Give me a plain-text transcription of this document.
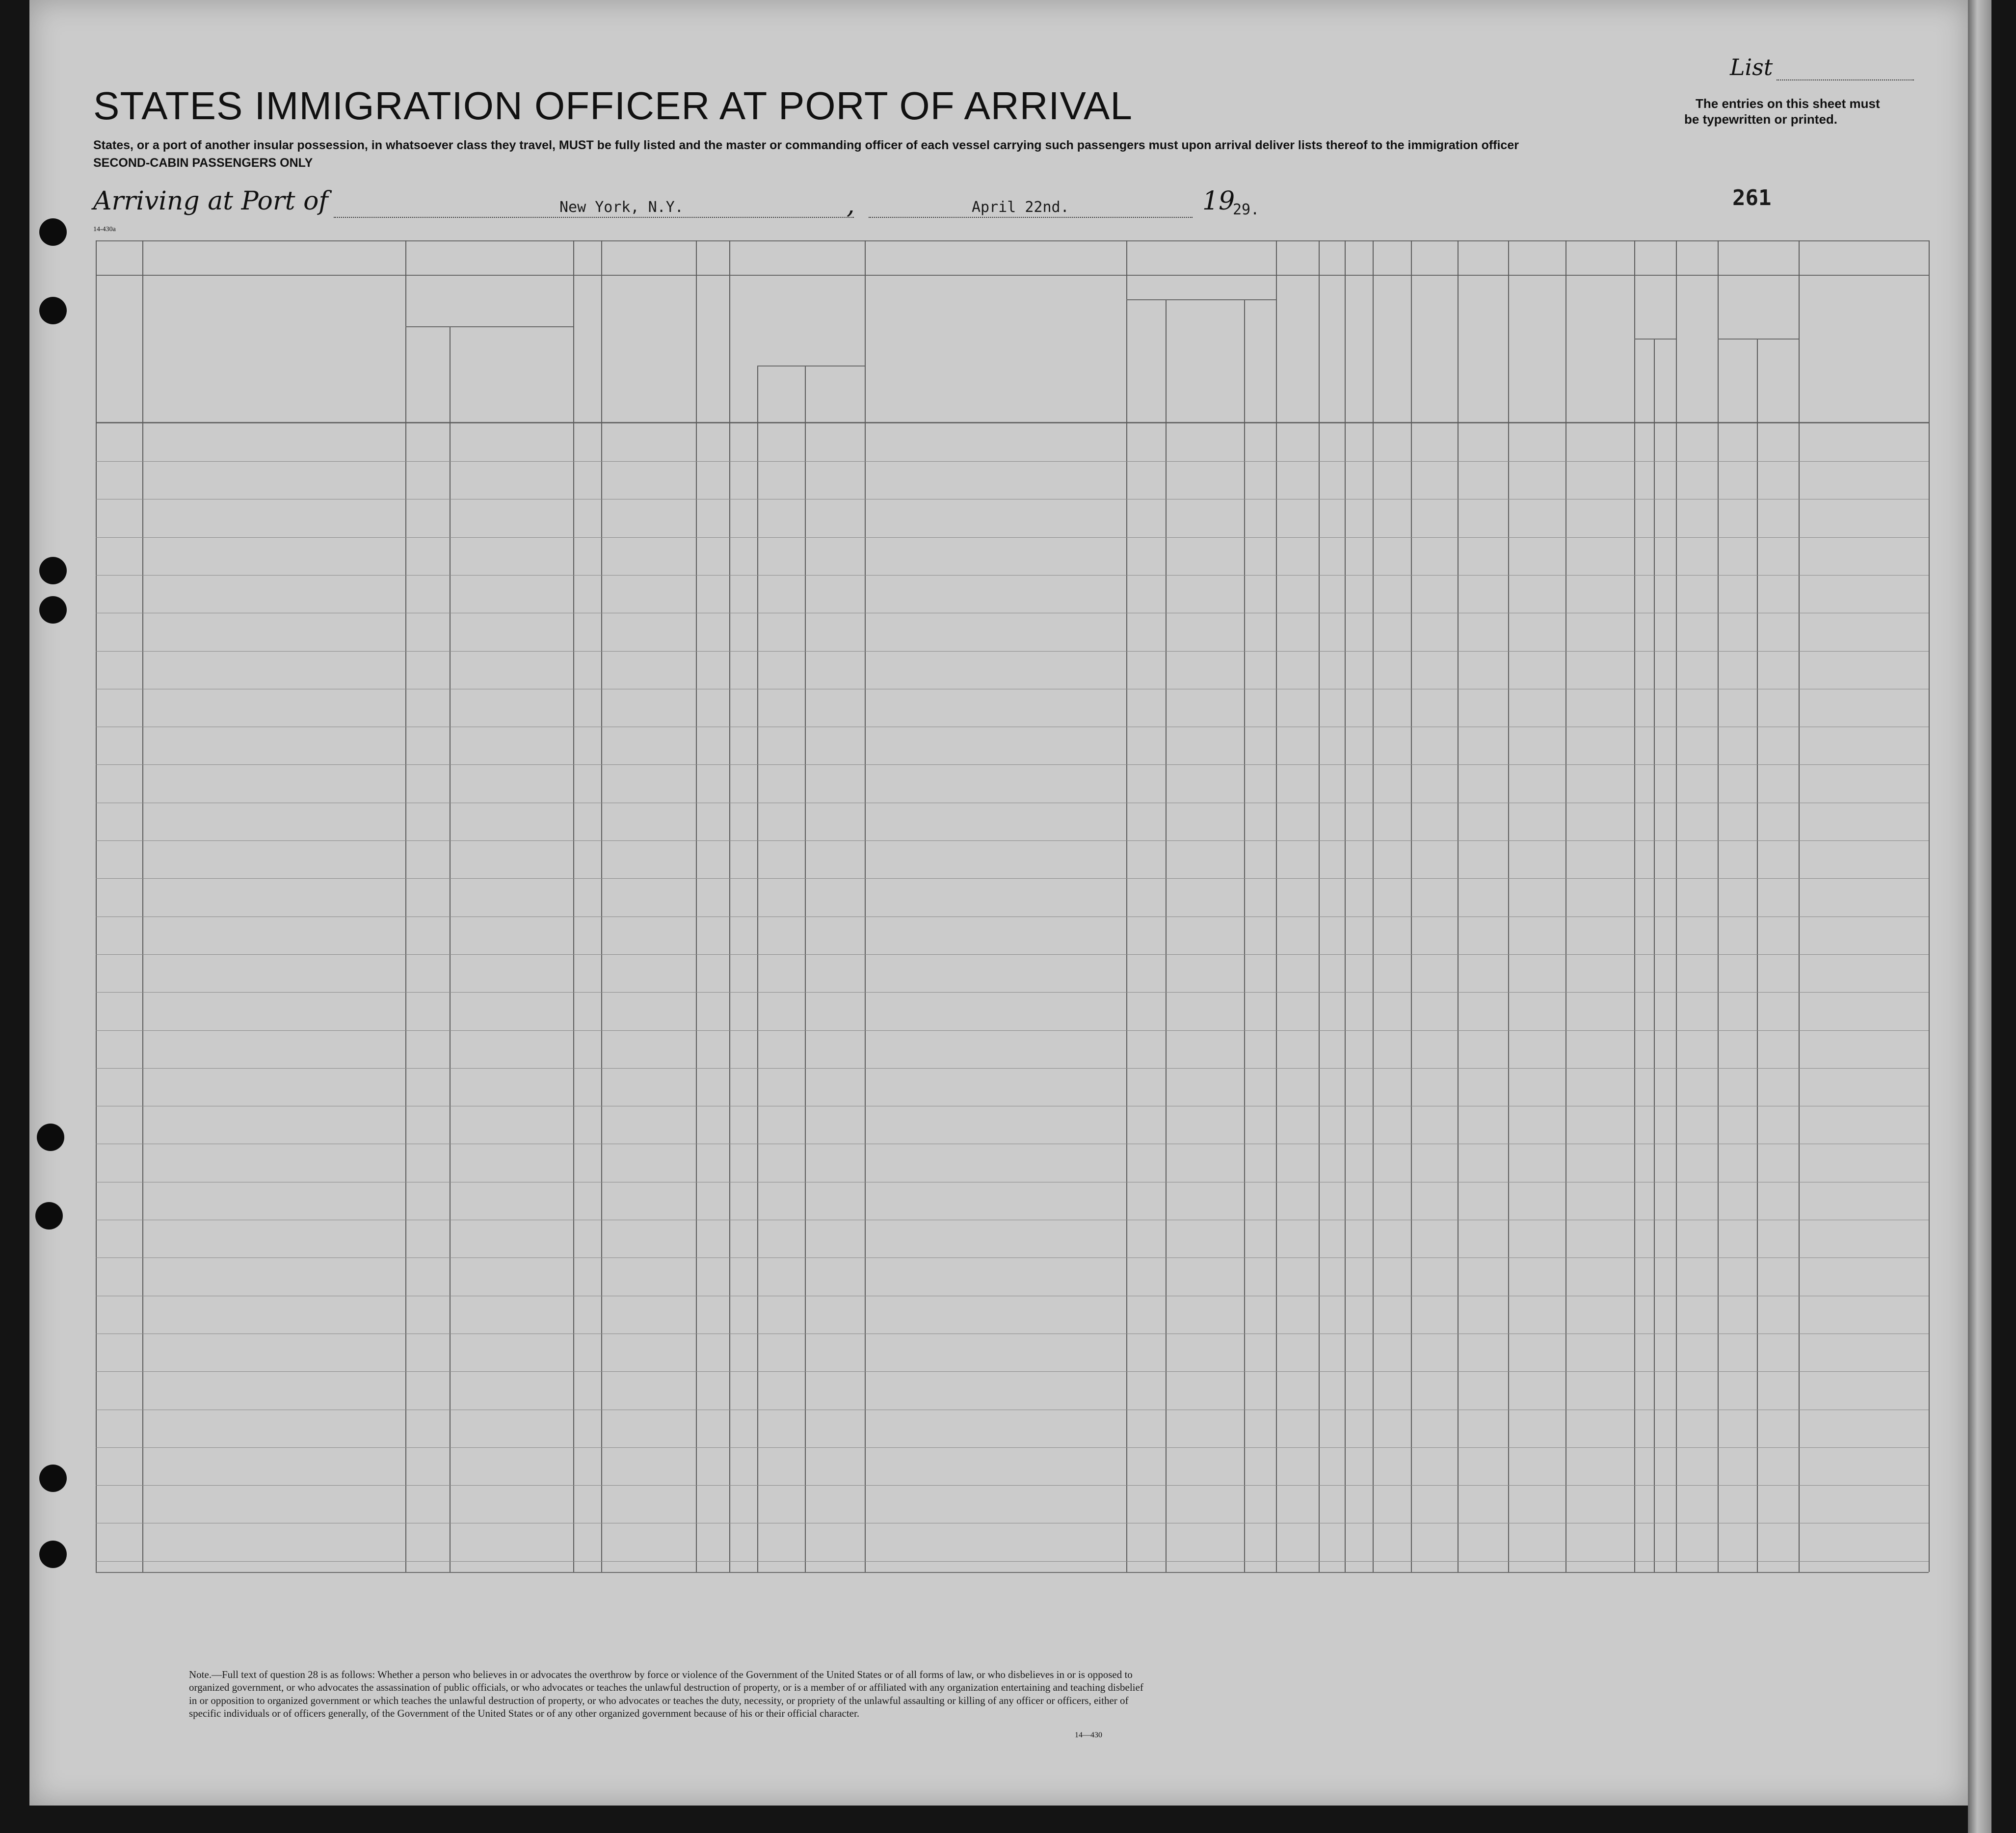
STATES IMMIGRATION OFFICER AT PORT OF ARRIVAL
States, or a port of another insular possession, in whatsoever class they travel, MUST be fully listed and the master or commanding officer of each vessel carrying such passengers must upon arrival deliver lists thereof to the immigration officer
SECOND-CABIN PASSENGERS ONLY
List
The entries on this sheet must
be typewritten or printed.
Arriving at Port of	New York, N.Y.	,	April 22nd.	19
29.	261
14-430a
Note.—Full text of question 28 is as follows: Whether a person who believes in or advocates the overthrow by force or violence of the Government of the United States or of all forms of law, or who disbelieves in or is opposed to organized government, or who advocates the assassination of public officials, or who advocates or teaches the unlawful destruction of property, or is a member of or affiliated with any organization entertaining and teaching disbelief in or opposition to organized government or which teaches the unlawful destruction of property, or who advocates or teaches the duty, necessity, or propriety of the unlawful assaulting or killing of any officer or officers, either of specific individuals or of officers generally, of the Government of the United States or of any other organized government because of his or their official character.
14—430
